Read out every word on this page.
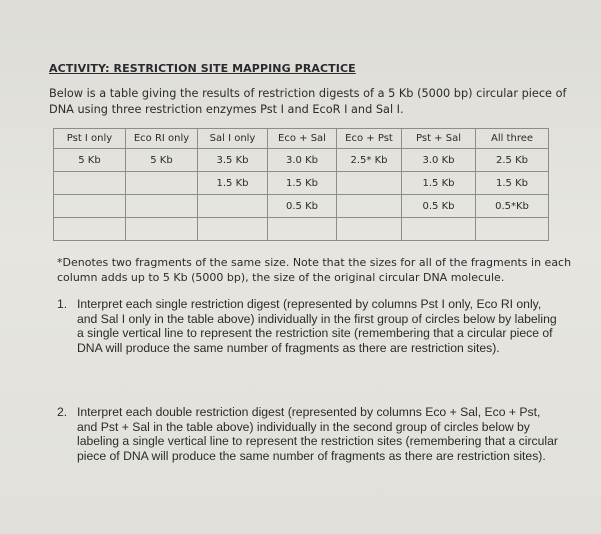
ACTIVITY: RESTRICTION SITE MAPPING PRACTICE
Below is a table giving the results of restriction digests of a 5 Kb (5000 bp) circular piece of DNA using three restriction enzymes Pst I and EcoR I and Sal I.
Pst I only	Eco RI only	Sal I only	Eco + Sal	Eco + Pst	Pst + Sal	All three
5 Kb	5 Kb	3.5 Kb	3.0 Kb	2.5* Kb	3.0 Kb	2.5 Kb
		1.5 Kb	1.5 Kb		1.5 Kb	1.5 Kb
			0.5 Kb		0.5 Kb	0.5*Kb

*Denotes two fragments of the same size. Note that the sizes for all of the fragments in each column adds up to 5 Kb (5000 bp), the size of the original circular DNA molecule.
1. Interpret each single restriction digest (represented by columns Pst I only, Eco RI only, and Sal I only in the table above) individually in the first group of circles below by labeling a single vertical line to represent the restriction site (remembering that a circular piece of DNA will produce the same number of fragments as there are restriction sites).
2. Interpret each double restriction digest (represented by columns Eco + Sal, Eco + Pst, and Pst + Sal in the table above) individually in the second group of circles below by labeling a single vertical line to represent the restriction sites (remembering that a circular piece of DNA will produce the same number of fragments as there are restriction sites).
